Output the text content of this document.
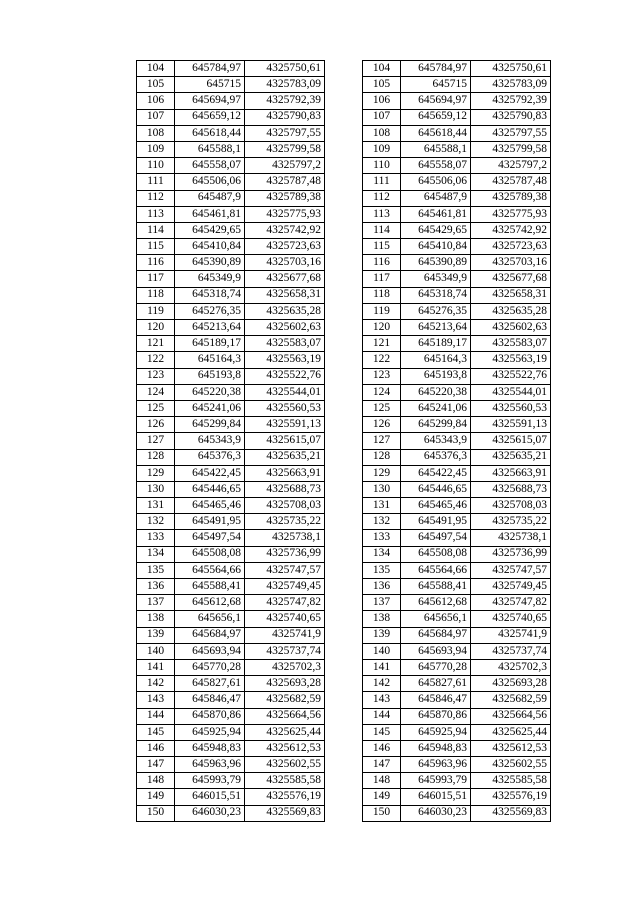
104	645784,97	4325750,61
105	645715	4325783,09
106	645694,97	4325792,39
107	645659,12	4325790,83
108	645618,44	4325797,55
109	645588,1	4325799,58
110	645558,07	4325797,2
111	645506,06	4325787,48
112	645487,9	4325789,38
113	645461,81	4325775,93
114	645429,65	4325742,92
115	645410,84	4325723,63
116	645390,89	4325703,16
117	645349,9	4325677,68
118	645318,74	4325658,31
119	645276,35	4325635,28
120	645213,64	4325602,63
121	645189,17	4325583,07
122	645164,3	4325563,19
123	645193,8	4325522,76
124	645220,38	4325544,01
125	645241,06	4325560,53
126	645299,84	4325591,13
127	645343,9	4325615,07
128	645376,3	4325635,21
129	645422,45	4325663,91
130	645446,65	4325688,73
131	645465,46	4325708,03
132	645491,95	4325735,22
133	645497,54	4325738,1
134	645508,08	4325736,99
135	645564,66	4325747,57
136	645588,41	4325749,45
137	645612,68	4325747,82
138	645656,1	4325740,65
139	645684,97	4325741,9
140	645693,94	4325737,74
141	645770,28	4325702,3
142	645827,61	4325693,28
143	645846,47	4325682,59
144	645870,86	4325664,56
145	645925,94	4325625,44
146	645948,83	4325612,53
147	645963,96	4325602,55
148	645993,79	4325585,58
149	646015,51	4325576,19
150	646030,23	4325569,83
104	645784,97	4325750,61
105	645715	4325783,09
106	645694,97	4325792,39
107	645659,12	4325790,83
108	645618,44	4325797,55
109	645588,1	4325799,58
110	645558,07	4325797,2
111	645506,06	4325787,48
112	645487,9	4325789,38
113	645461,81	4325775,93
114	645429,65	4325742,92
115	645410,84	4325723,63
116	645390,89	4325703,16
117	645349,9	4325677,68
118	645318,74	4325658,31
119	645276,35	4325635,28
120	645213,64	4325602,63
121	645189,17	4325583,07
122	645164,3	4325563,19
123	645193,8	4325522,76
124	645220,38	4325544,01
125	645241,06	4325560,53
126	645299,84	4325591,13
127	645343,9	4325615,07
128	645376,3	4325635,21
129	645422,45	4325663,91
130	645446,65	4325688,73
131	645465,46	4325708,03
132	645491,95	4325735,22
133	645497,54	4325738,1
134	645508,08	4325736,99
135	645564,66	4325747,57
136	645588,41	4325749,45
137	645612,68	4325747,82
138	645656,1	4325740,65
139	645684,97	4325741,9
140	645693,94	4325737,74
141	645770,28	4325702,3
142	645827,61	4325693,28
143	645846,47	4325682,59
144	645870,86	4325664,56
145	645925,94	4325625,44
146	645948,83	4325612,53
147	645963,96	4325602,55
148	645993,79	4325585,58
149	646015,51	4325576,19
150	646030,23	4325569,83
